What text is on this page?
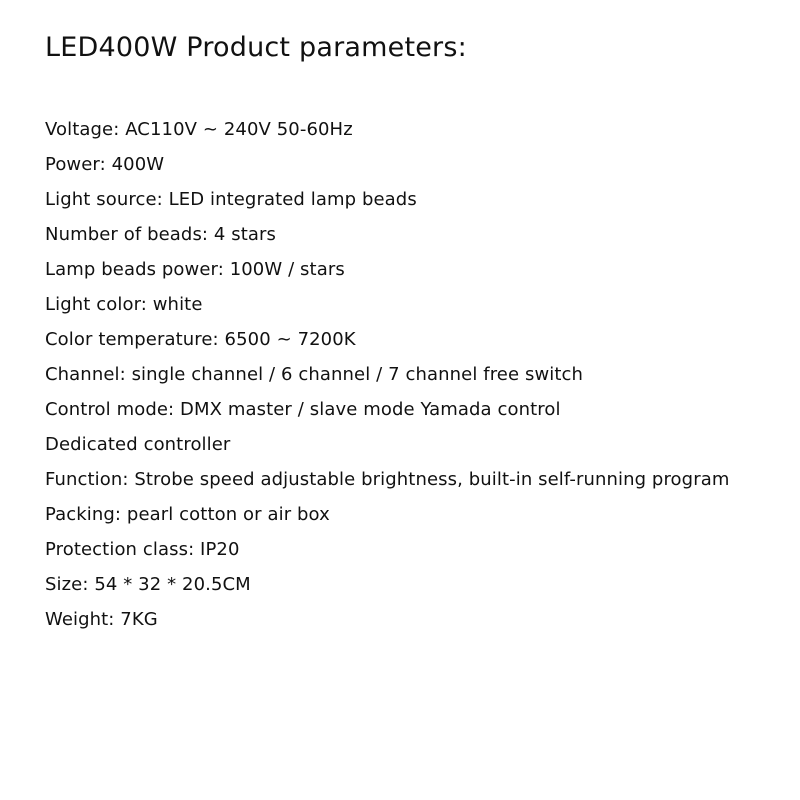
LED400W Product parameters:
Voltage: AC110V ~ 240V 50-60Hz
Power: 400W
Light source: LED integrated lamp beads
Number of beads: 4 stars
Lamp beads power: 100W / stars
Light color: white
Color temperature: 6500 ~ 7200K
Channel: single channel / 6 channel / 7 channel free switch
Control mode: DMX master / slave mode Yamada control
Dedicated controller
Function: Strobe speed adjustable brightness, built-in self-running program
Packing: pearl cotton or air box
Protection class: IP20
Size: 54 * 32 * 20.5CM
Weight: 7KG
